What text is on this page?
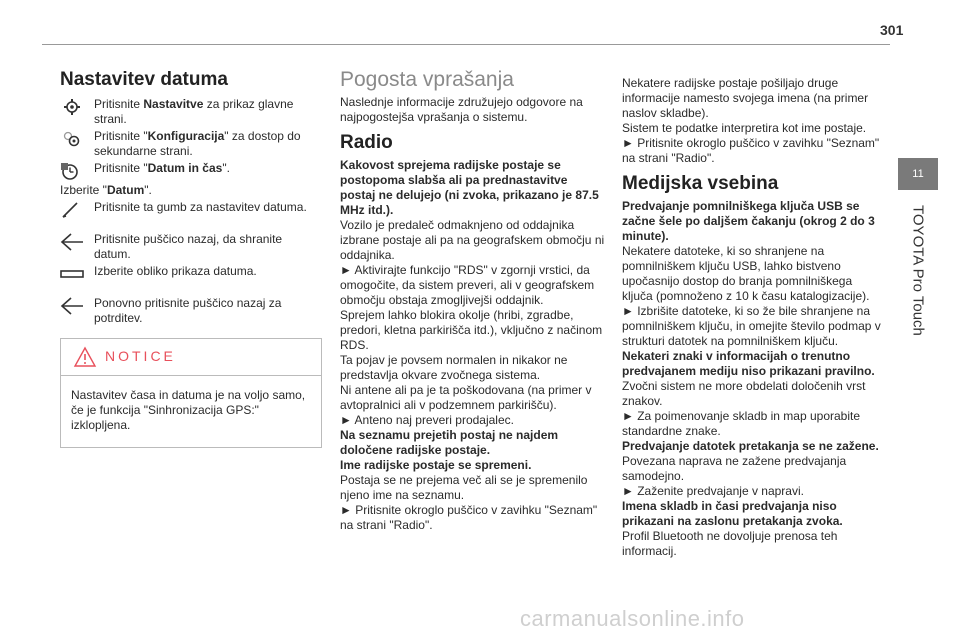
301
11
TOYOTA Pro Touch
Nastavitev datuma

Pritisnite Nastavitve za prikaz glavne strani.

Pritisnite "Konfiguracija" za dostop do sekundarne strani.

Pritisnite "Datum in čas".

Izberite "Datum".

Pritisnite ta gumb za nastavitev datuma.

Pritisnite puščico nazaj, da shranite datum.

Izberite obliko prikaza datuma.

Ponovno pritisnite puščico nazaj za potrditev.

NOTICE
Nastavitev časa in datuma je na voljo samo, če je funkcija "Sinhronizacija GPS:" izklopljena.
Pogosta vprašanja

Naslednje informacije združujejo odgovore na najpogostejša vprašanja o sistemu.

Radio

Kakovost sprejema radijske postaje se postopoma slabša ali pa prednastavitve postaj ne delujejo (ni zvoka, prikazano je 87.5 MHz itd.).

Vozilo je predaleč odmaknjeno od oddajnika izbrane postaje ali pa na geografskem območju ni oddajnika.

► Aktivirajte funkcijo "RDS" v zgornji vrstici, da omogočite, da sistem preveri, ali v geografskem območju obstaja zmogljivejši oddajnik.

Sprejem lahko blokira okolje (hribi, zgradbe, predori, kletna parkirišča itd.), vključno z načinom RDS.

Ta pojav je povsem normalen in nikakor ne predstavlja okvare zvočnega sistema.

Ni antene ali pa je ta poškodovana (na primer v avtopralnici ali v podzemnem parkirišču).

► Anteno naj preveri prodajalec.

Na seznamu prejetih postaj ne najdem določene radijske postaje.

Ime radijske postaje se spremeni.

Postaja se ne prejema več ali se je spremenilo njeno ime na seznamu.

► Pritisnite okroglo puščico v zavihku "Seznam" na strani "Radio".

Nekatere radijske postaje pošiljajo druge informacije namesto svojega imena (na primer naslov skladbe).

Sistem te podatke interpretira kot ime postaje.

► Pritisnite okroglo puščico v zavihku "Seznam" na strani "Radio".

Medijska vsebina

Predvajanje pomnilniškega ključa USB se začne šele po daljšem čakanju (okrog 2 do 3 minute).

Nekatere datoteke, ki so shranjene na pomnilniškem ključu USB, lahko bistveno upočasnijo dostop do branja pomnilniškega ključa (pomnoženo z 10 k času katalogizacije).

► Izbrišite datoteke, ki so že bile shranjene na pomnilniškem ključu, in omejite število podmap v strukturi datotek na pomnilniškem ključu.

Nekateri znaki v informacijah o trenutno predvajanem mediju niso prikazani pravilno.

Zvočni sistem ne more obdelati določenih vrst znakov.

► Za poimenovanje skladb in map uporabite standardne znake.

Predvajanje datotek pretakanja se ne zažene.

Povezana naprava ne zažene predvajanja samodejno.

► Zaženite predvajanje v napravi.

Imena skladb in časi predvajanja niso prikazani na zaslonu pretakanja zvoka.

Profil Bluetooth ne dovoljuje prenosa teh informacij.

carmanualsonline.info
